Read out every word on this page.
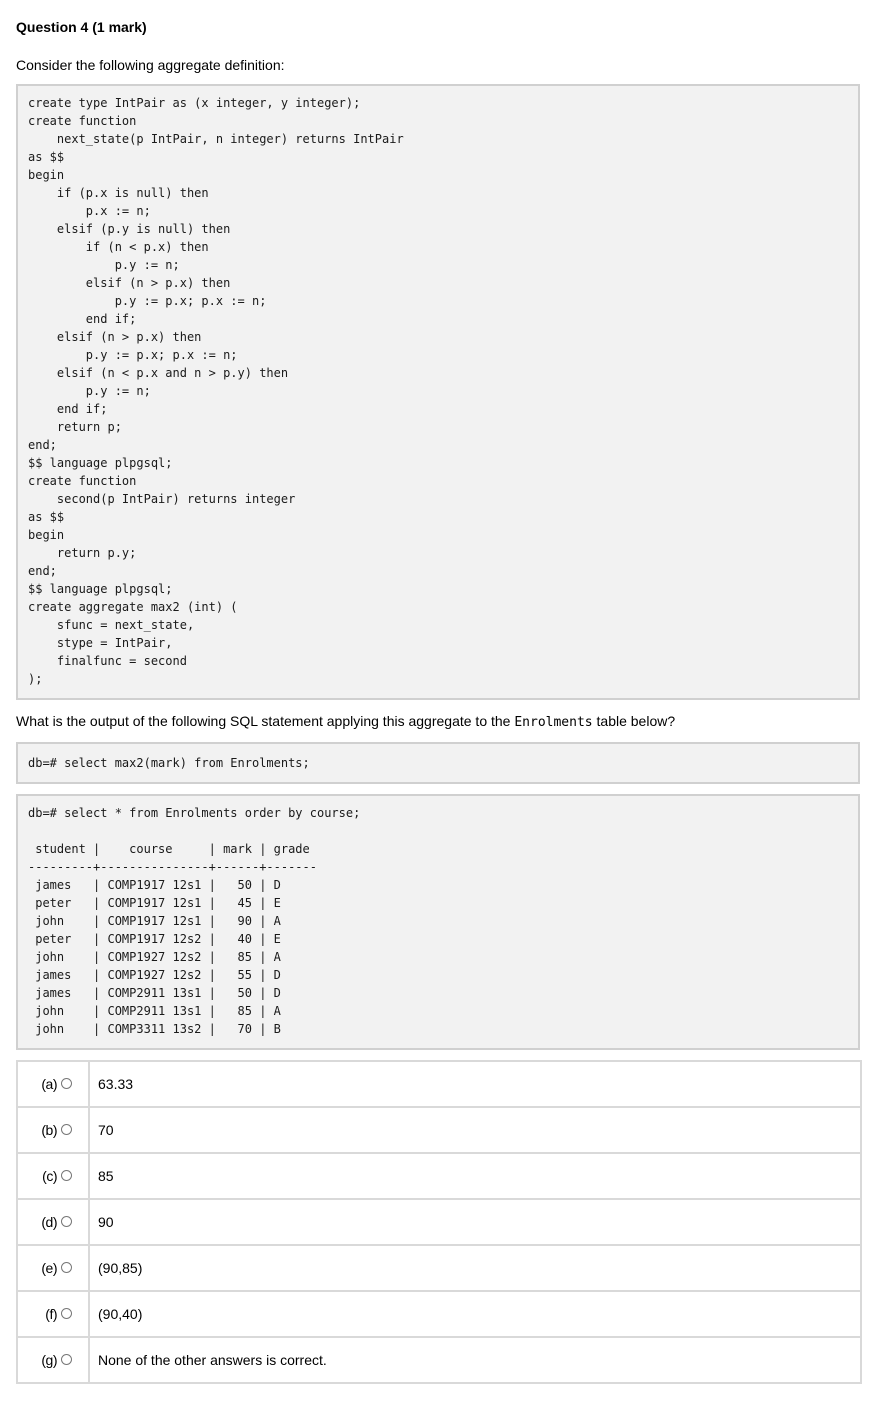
Question 4 (1 mark)
Consider the following aggregate definition:
create type IntPair as (x integer, y integer);
create function
next_state(p IntPair, n integer) returns IntPair
as $$
begin
if (p.x is null) then
p.x := n;
elsif (p.y is null) then
if (n < p.x) then
p.y := n;
elsif (n > p.x) then
p.y := p.x; p.x := n;
end if;
elsif (n > p.x) then
p.y := p.x; p.x := n;
elsif (n < p.x and n > p.y) then
p.y := n;
end if;
return p;
end;
$$ language plpgsql;
create function
second(p IntPair) returns integer
as $$
begin
return p.y;
end;
$$ language plpgsql;
create aggregate max2 (int) (
sfunc = next_state,
stype = IntPair,
finalfunc = second
);
What is the output of the following SQL statement applying this aggregate to the Enrolments table below?
db=# select max2(mark) from Enrolments;
db=# select * from Enrolments order by course;

student |    course     | mark | grade
---------+---------------+------+-------
james   | COMP1917 12s1 |   50 | D
peter   | COMP1917 12s1 |   45 | E
john    | COMP1917 12s1 |   90 | A
peter   | COMP1917 12s2 |   40 | E
john    | COMP1927 12s2 |   85 | A
james   | COMP1927 12s2 |   55 | D
james   | COMP2911 13s1 |   50 | D
john    | COMP2911 13s1 |   85 | A
john    | COMP3311 13s2 |   70 | B
(a)	63.33
(b)	70
(c)	85
(d)	90
(e)	(90,85)
(f)	(90,40)
(g)	None of the other answers is correct.
